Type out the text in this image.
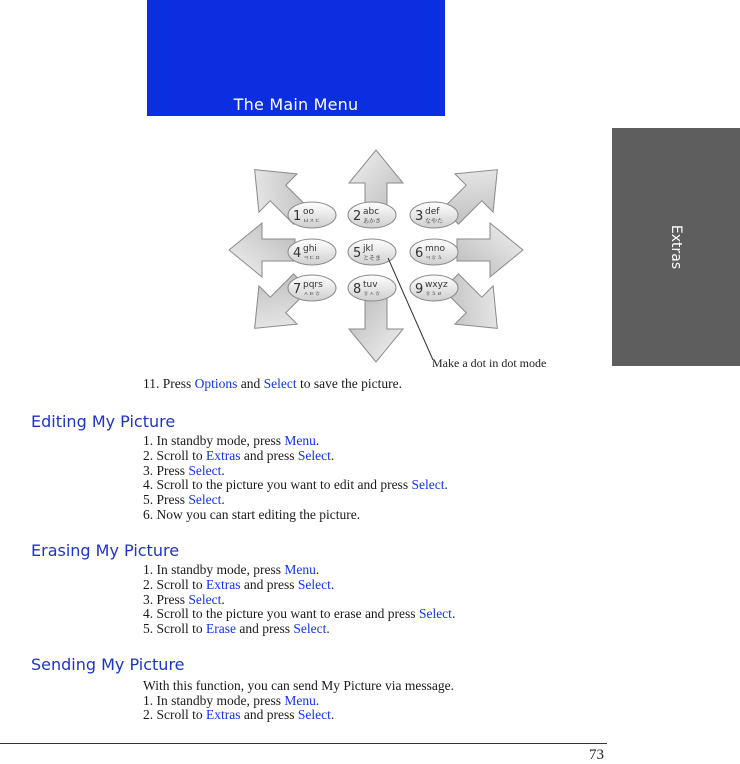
The Main Menu
Extras
1 oo
ㅂㅈㄷ	2 abc
あかさ	3 def
なやた
4 ghi
ㅋㄷㅍ	5 jkl
とそま	6 mno
ㅋㅎㅊ
7 pqrs
ㅅㅌㅎ	8 tuv
ㅎㅅㅎ	9 wxyz
ㅎㅊㄹ
Make a dot in dot mode
11. Press Options and Select to save the picture.
Editing My Picture
1. In standby mode, press Menu.
2. Scroll to Extras and press Select.
3. Press Select.
4. Scroll to the picture you want to edit and press Select.
5. Press Select.
6. Now you can start editing the picture.
Erasing My Picture
1. In standby mode, press Menu.
2. Scroll to Extras and press Select.
3. Press Select.
4. Scroll to the picture you want to erase and press Select.
5. Scroll to Erase and press Select.
Sending My Picture
With this function, you can send My Picture via message.
1. In standby mode, press Menu.
2. Scroll to Extras and press Select.
73
